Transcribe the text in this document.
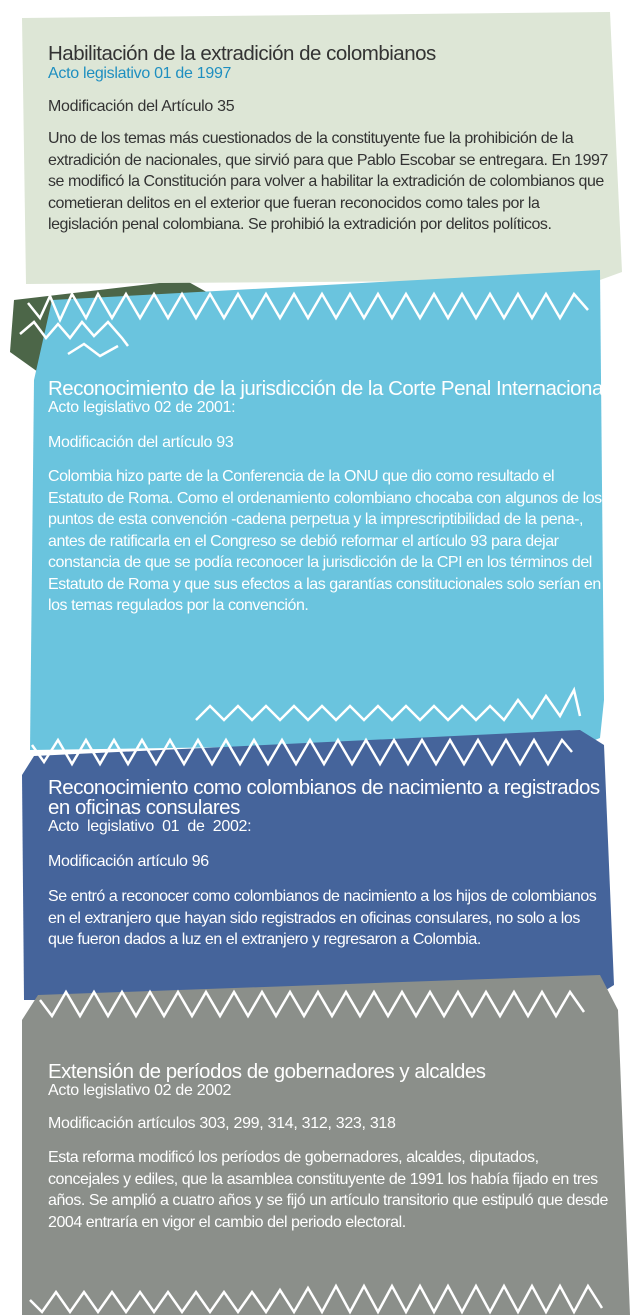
Habilitación de la extradición de colombianos

Acto legislativo 01 de 1997

Modificación del Artículo 35

Uno de los temas más cuestionados de la constituyente fue la prohibición de la extradición de nacionales, que sirvió para que Pablo Escobar se entregara. En 1997 se modificó la Constitución para volver a habilitar la extradición de colombianos que cometieran delitos en el exterior que fueran reconocidos como tales por la legislación penal colombiana. Se prohibió la extradición por delitos políticos.

Reconocimiento de la jurisdicción de la Corte Penal Internacional

Acto legislativo 02 de 2001:

Modificación del artículo 93

Colombia hizo parte de la Conferencia de la ONU que dio como resultado el Estatuto de Roma. Como el ordenamiento colombiano chocaba con algunos de los puntos de esta convención -cadena perpetua y la imprescriptibilidad de la pena-, antes de ratificarla en el Congreso se debió reformar el artículo 93 para dejar constancia de que se podía reconocer la jurisdicción de la CPI en los términos del Estatuto de Roma y que sus efectos a las garantías constitucionales solo serían en los temas regulados por la convención.

Reconocimiento como colombianos de nacimiento a registrados en oficinas consulares

Acto legislativo 01 de 2002:

Modificación artículo 96

Se entró a reconocer como colombianos de nacimiento a los hijos de colombianos en el extranjero que hayan sido registrados en oficinas consulares, no solo a los que fueron dados a luz en el extranjero y regresaron a Colombia.

Extensión de períodos de gobernadores y alcaldes

Acto legislativo 02 de 2002

Modificación artículos 303, 299, 314, 312, 323, 318

Esta reforma modificó los períodos de gobernadores, alcaldes, diputados, concejales y ediles, que la asamblea constituyente de 1991 los había fijado en tres años. Se amplió a cuatro años y se fijó un artículo transitorio que estipuló que desde 2004 entraría en vigor el cambio del periodo electoral.
